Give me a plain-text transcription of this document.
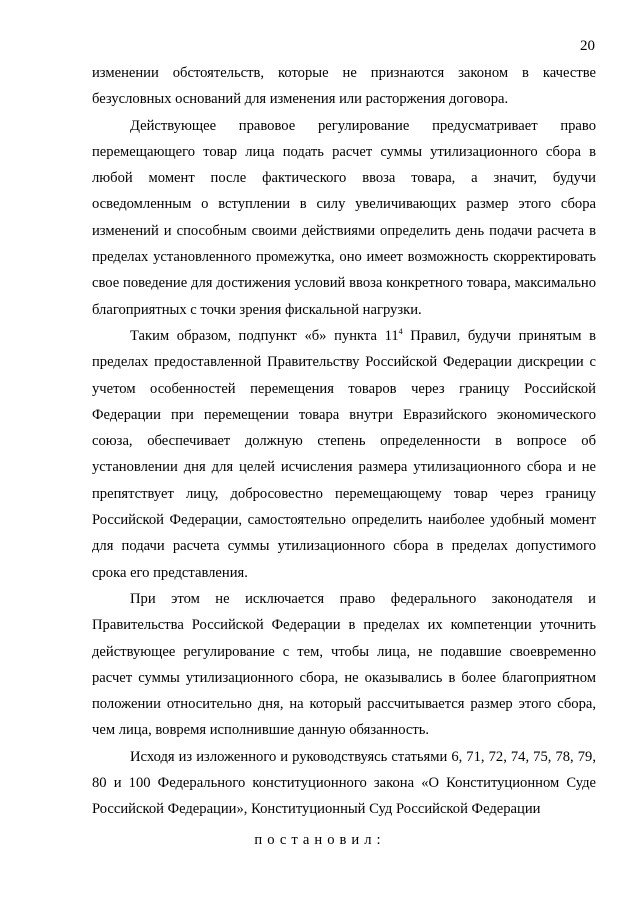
20

изменении обстоятельств, которые не признаются законом в качестве безусловных оснований для изменения или расторжения договора.

Действующее правовое регулирование предусматривает право перемещающего товар лица подать расчет суммы утилизационного сбора в любой момент после фактического ввоза товара, а значит, будучи осведомленным о вступлении в силу увеличивающих размер этого сбора изменений и способным своими действиями определить день подачи расчета в пределах установленного промежутка, оно имеет возможность скорректировать свое поведение для достижения условий ввоза конкретного товара, максимально благоприятных с точки зрения фискальной нагрузки.

Таким образом, подпункт «б» пункта $11^4$ Правил, будучи принятым в пределах предоставленной Правительству Российской Федерации дискреции с учетом особенностей перемещения товаров через границу Российской Федерации при перемещении товара внутри Евразийского экономического союза, обеспечивает должную степень определенности в вопросе об установлении дня для целей исчисления размера утилизационного сбора и не препятствует лицу, добросовестно перемещающему товар через границу Российской Федерации, самостоятельно определить наиболее удобный момент для подачи расчета суммы утилизационного сбора в пределах допустимого срока его представления.

При этом не исключается право федерального законодателя и Правительства Российской Федерации в пределах их компетенции уточнить действующее регулирование с тем, чтобы лица, не подавшие своевременно расчет суммы утилизационного сбора, не оказывались в более благоприятном положении относительно дня, на который рассчитывается размер этого сбора, чем лица, вовремя исполнившие данную обязанность.

Исходя из изложенного и руководствуясь статьями 6, 71, 72, 74, 75, 78, 79, 80 и 100 Федерального конституционного закона «О Конституционном Суде Российской Федерации», Конституционный Суд Российской Федерации

постановил:
